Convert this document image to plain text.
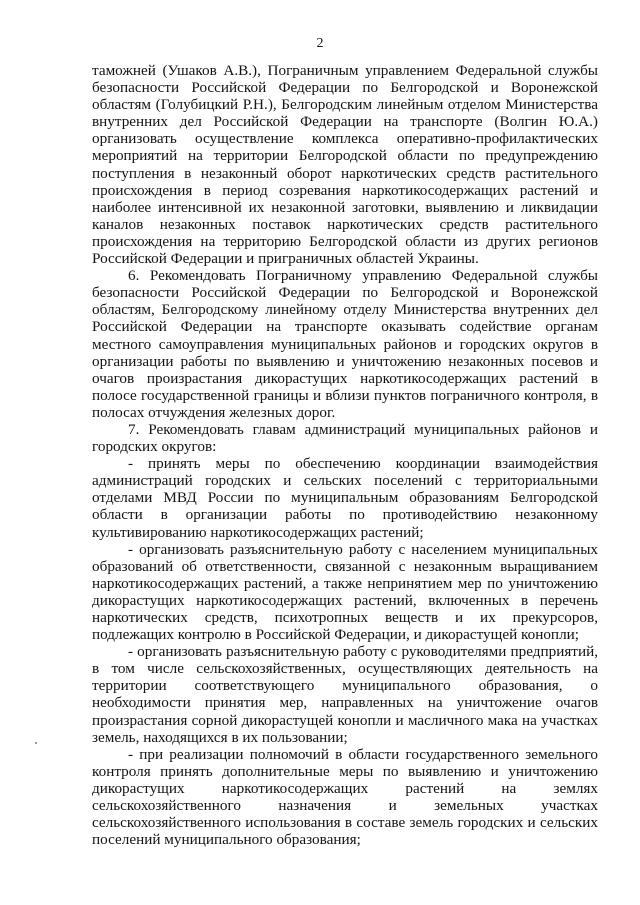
2

таможней (Ушаков А.В.), Пограничным управлением Федеральной службы безопасности Российской Федерации по Белгородской и Воронежской областям (Голубицкий Р.Н.), Белгородским линейным отделом Министерства внутренних дел Российской Федерации на транспорте (Волгин Ю.А.) организовать осуществление комплекса оперативно-профилактических мероприятий на территории Белгородской области по предупреждению поступления в незаконный оборот наркотических средств растительного происхождения в период созревания наркотикосодержащих растений и наиболее интенсивной их незаконной заготовки, выявлению и ликвидации каналов незаконных поставок наркотических средств растительного происхождения на территорию Белгородской области из других регионов Российской Федерации и приграничных областей Украины.

6. Рекомендовать Пограничному управлению Федеральной службы безопасности Российской Федерации по Белгородской и Воронежской областям, Белгородскому линейному отделу Министерства внутренних дел Российской Федерации на транспорте оказывать содействие органам местного самоуправления муниципальных районов и городских округов в организации работы по выявлению и уничтожению незаконных посевов и очагов произрастания дикорастущих наркотикосодержащих растений в полосе государственной границы и вблизи пунктов пограничного контроля, в полосах отчуждения железных дорог.

7. Рекомендовать главам администраций муниципальных районов и городских округов:

- принять меры по обеспечению координации взаимодействия администраций городских и сельских поселений с территориальными отделами МВД России по муниципальным образованиям Белгородской области в организации работы по противодействию незаконному культивированию наркотикосодержащих растений;

- организовать разъяснительную работу с населением муниципальных образований об ответственности, связанной с незаконным выращиванием наркотикосодержащих растений, а также непринятием мер по уничтожению дикорастущих наркотикосодержащих растений, включенных в перечень наркотических средств, психотропных веществ и их прекурсоров, подлежащих контролю в Российской Федерации, и дикорастущей конопли;

- организовать разъяснительную работу с руководителями предприятий, в том числе сельскохозяйственных, осуществляющих деятельность на территории соответствующего муниципального образования, о необходимости принятия мер, направленных на уничтожение очагов произрастания сорной дикорастущей конопли и масличного мака на участках земель, находящихся в их пользовании;

- при реализации полномочий в области государственного земельного контроля принять дополнительные меры по выявлению и уничтожению дикорастущих наркотикосодержащих растений на землях сельскохозяйственного назначения и земельных участках сельскохозяйственного использования в составе земель городских и сельских поселений муниципального образования;
